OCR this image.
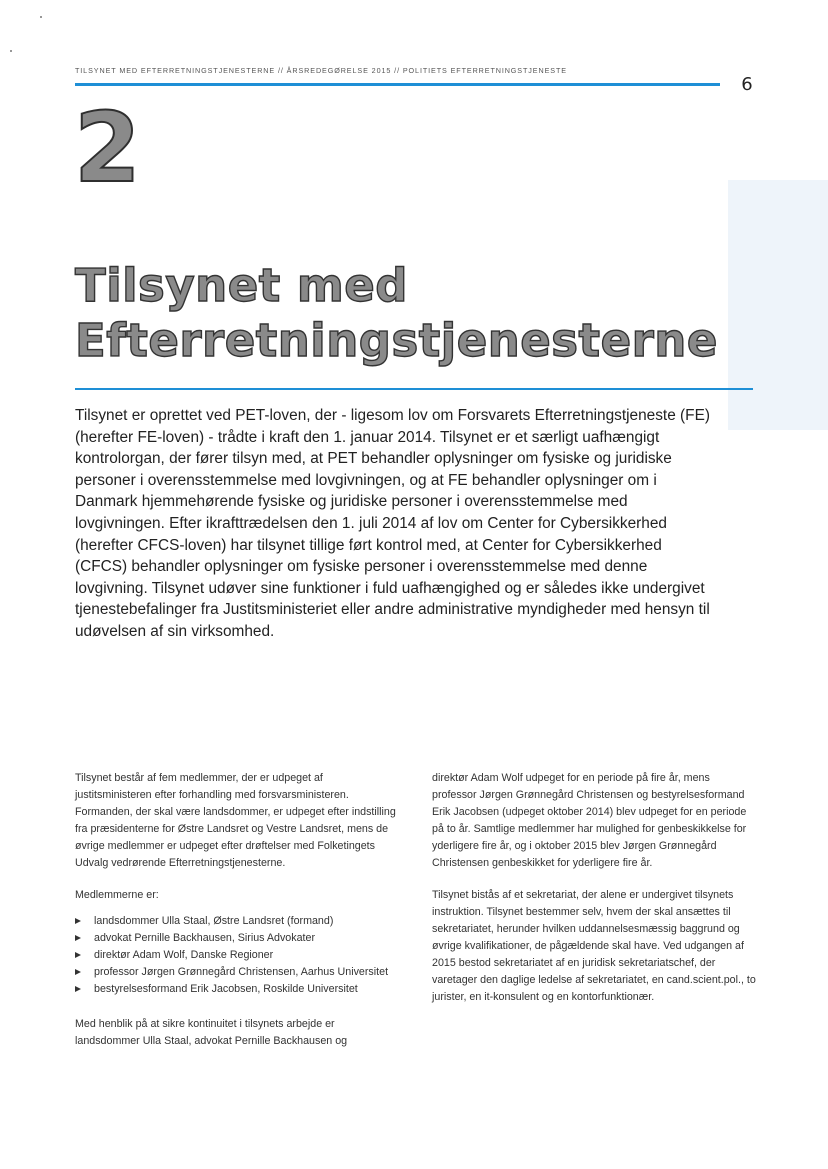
TILSYNET MED EFTERRETNINGSTJENESTERNE // ÅRSREDEGØRELSE 2015 // POLITIETS EFTERRETNINGSTJENESTE
6
2
Tilsynet med
Efterretningstjenesterne

Tilsynet er oprettet ved PET-loven, der - ligesom lov om Forsvarets Efterretningstjeneste (FE) (herefter FE-loven) - trådte i kraft den 1. januar 2014. Tilsynet er et særligt uafhængigt kontrolorgan, der fører tilsyn med, at PET behandler oplysninger om fysiske og juridiske personer i overensstemmelse med lovgivningen, og at FE behandler oplysninger om i Danmark hjemmehørende fysiske og juridiske personer i overensstemmelse med lovgivningen. Efter ikrafttrædelsen den 1. juli 2014 af lov om Center for Cybersikkerhed (herefter CFCS-loven) har tilsynet tillige ført kontrol med, at Center for Cybersikkerhed (CFCS) behandler oplysninger om fysiske personer i overensstemmelse med denne lovgivning. Tilsynet udøver sine funktioner i fuld uafhængighed og er således ikke undergivet tjenestebefalinger fra Justitsministeriet eller andre administrative myndigheder med hensyn til udøvelsen af sin virksomhed.

Tilsynet består af fem medlemmer, der er udpeget af justitsministeren efter forhandling med forsvarsministeren. Formanden, der skal være landsdommer, er udpeget efter indstilling fra præsidenterne for Østre Landsret og Vestre Landsret, mens de øvrige medlemmer er udpeget efter drøftelser med Folketingets Udvalg vedrørende Efterretningstjenesterne.

Medlemmerne er:

landsdommer Ulla Staal, Østre Landsret (formand)
advokat Pernille Backhausen, Sirius Advokater
direktør Adam Wolf, Danske Regioner
professor Jørgen Grønnegård Christensen, Aarhus Universitet
bestyrelsesformand Erik Jacobsen, Roskilde Universitet

Med henblik på at sikre kontinuitet i tilsynets arbejde er landsdommer Ulla Staal, advokat Pernille Backhausen og

direktør Adam Wolf udpeget for en periode på fire år, mens professor Jørgen Grønnegård Christensen og bestyrelsesformand Erik Jacobsen (udpeget oktober 2014) blev udpeget for en periode på to år. Samtlige medlemmer har mulighed for genbeskikkelse for yderligere fire år, og i oktober 2015 blev Jørgen Grønnegård Christensen genbeskikket for yderligere fire år.

Tilsynet bistås af et sekretariat, der alene er undergivet tilsynets instruktion. Tilsynet bestemmer selv, hvem der skal ansættes til sekretariatet, herunder hvilken uddannelsesmæssig baggrund og øvrige kvalifikationer, de pågældende skal have. Ved udgangen af 2015 bestod sekretariatet af en juridisk sekretariatschef, der varetager den daglige ledelse af sekretariatet, en cand.scient.pol., to jurister, en it-konsulent og en kontorfunktionær.
